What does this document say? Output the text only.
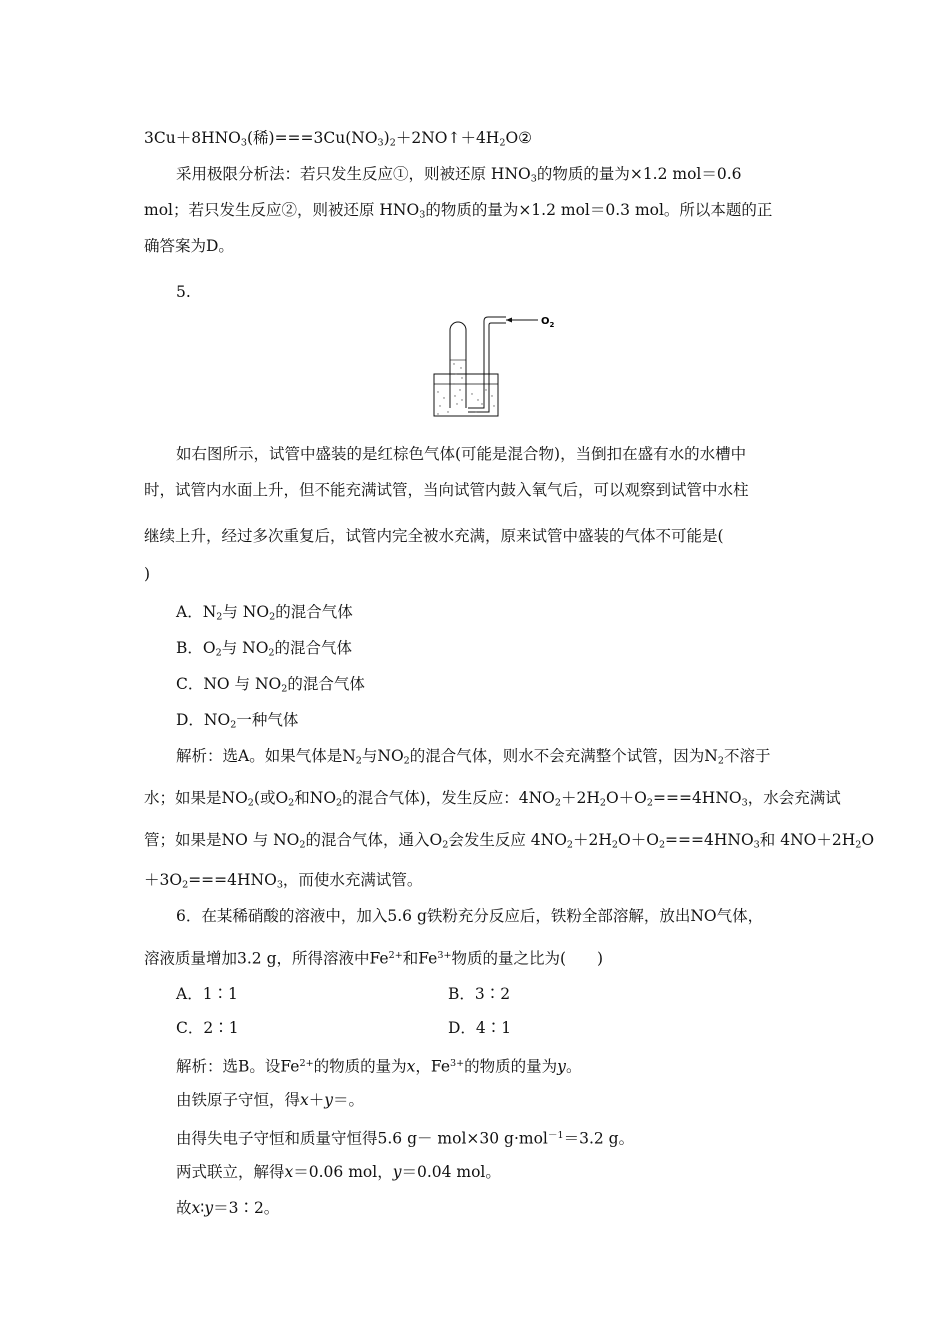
$3Cu+8HNO_3$(稀)$===3Cu(NO_3)_2+2NO↑+4H_2O②$
采用极限分析法：若只发生反应①，则被还原 $HNO_3$的物质的量为×1.2 mol＝0.6
mol；若只发生反应②，则被还原 $HNO_3$的物质的量为×1.2 mol＝0.3 mol。所以本题的正
确答案为D。
5.
$O_2$
如右图所示，试管中盛装的是红棕色气体(可能是混合物)，当倒扣在盛有水的水槽中
时，试管内水面上升，但不能充满试管，当向试管内鼓入氧气后，可以观察到试管中水柱
继续上升，经过多次重复后，试管内完全被水充满，原来试管中盛装的气体不可能是(
)
A．$N_2$与 $NO_2$的混合气体
B．$O_2$与 $NO_2$的混合气体
C．NO 与 $NO_2$的混合气体
D．$NO_2$一种气体
解析：选A。如果气体是$N_2$与$NO_2$的混合气体，则水不会充满整个试管，因为$N_2$不溶于
水；如果是$NO_2$(或$O_2$和$NO_2$的混合气体)，发生反应：$4NO_2+2H_2O+O_2===4HNO_3$，水会充满试
管；如果是NO 与 $NO_2$的混合气体，通入$O_2$会发生反应 $4NO_2+2H_2O+O_2===4HNO_3$和 $4NO+2H_2O$
$+3O_2===4HNO_3$，而使水充满试管。
6．在某稀硝酸的溶液中，加入5.6 g铁粉充分反应后，铁粉全部溶解，放出NO气体，
溶液质量增加3.2 g，所得溶液中$Fe^{2+}$和$Fe^{3+}$物质的量之比为(　　)
A．1∶1	B．3∶2
C．2∶1	D．4∶1
解析：选B。设$Fe^{2+}$的物质的量为x，$Fe^{3+}$的物质的量为y。
由铁原子守恒，得x＋y＝。
由得失电子守恒和质量守恒得5.6 g－ mol×30 g·mol$^{-1}$＝3.2 g。
两式联立，解得x＝0.06 mol，y＝0.04 mol。
故x∶y＝3∶2。
